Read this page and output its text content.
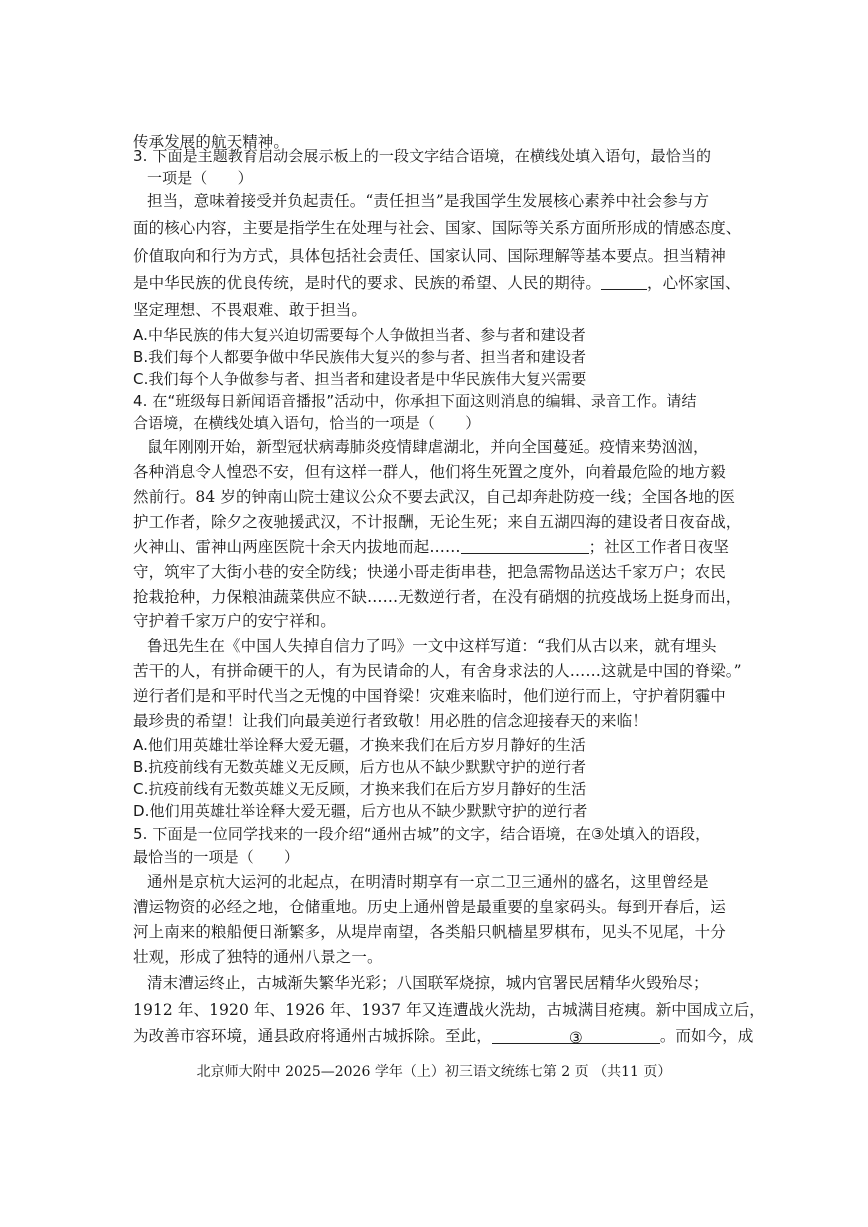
传承发展的航天精神。
3. 下面是主题教育启动会展示板上的一段文字结合语境，在横线处填入语句，最恰当的
一项是（　　）
担当，意味着接受并负起责任。“责任担当”是我国学生发展核心素养中社会参与方
面的核心内容，主要是指学生在处理与社会、国家、国际等关系方面所形成的情感态度、
价值取向和行为方式，具体包括社会责任、国家认同、国际理解等基本要点。担当精神
是中华民族的优良传统，是时代的要求、民族的希望、人民的期待。	，心怀家国、
坚定理想、不畏艰难、敢于担当。
A.中华民族的伟大复兴迫切需要每个人争做担当者、参与者和建设者
B.我们每个人都要争做中华民族伟大复兴的参与者、担当者和建设者
C.我们每个人争做参与者、担当者和建设者是中华民族伟大复兴需要
4. 在“班级每日新闻语音播报”活动中，你承担下面这则消息的编辑、录音工作。请结
合语境，在横线处填入语句，恰当的一项是（　　）
鼠年刚刚开始，新型冠状病毒肺炎疫情肆虐湖北，并向全国蔓延。疫情来势汹汹，
各种消息令人惶恐不安，但有这样一群人，他们将生死置之度外，向着最危险的地方毅
然前行。84 岁的钟南山院士建议公众不要去武汉，自己却奔赴防疫一线；全国各地的医
护工作者，除夕之夜驰援武汉，不计报酬，无论生死；来自五湖四海的建设者日夜奋战，
火神山、雷神山两座医院十余天内拔地而起……	；社区工作者日夜坚
守，筑牢了大街小巷的安全防线；快递小哥走街串巷，把急需物品送达千家万户；农民
抢栽抢种，力保粮油蔬菜供应不缺……无数逆行者，在没有硝烟的抗疫战场上挺身而出，
守护着千家万户的安宁祥和。
鲁迅先生在《中国人失掉自信力了吗》一文中这样写道：“我们从古以来，就有埋头
苦干的人，有拼命硬干的人，有为民请命的人，有舍身求法的人……这就是中国的脊梁。”
逆行者们是和平时代当之无愧的中国脊梁！灾难来临时，他们逆行而上，守护着阴霾中
最珍贵的希望！让我们向最美逆行者致敬！用必胜的信念迎接春天的来临！
A.他们用英雄壮举诠释大爱无疆，才换来我们在后方岁月静好的生活
B.抗疫前线有无数英雄义无反顾，后方也从不缺少默默守护的逆行者
C.抗疫前线有无数英雄义无反顾，才换来我们在后方岁月静好的生活
D.他们用英雄壮举诠释大爱无疆，后方也从不缺少默默守护的逆行者
5. 下面是一位同学找来的一段介绍“通州古城”的文字，结合语境，在③处填入的语段，
最恰当的一项是（　　）
通州是京杭大运河的北起点，在明清时期享有一京二卫三通州的盛名，这里曾经是
漕运物资的必经之地，仓储重地。历史上通州曾是最重要的皇家码头。每到开春后，运
河上南来的粮船便日渐繁多，从堤岸南望，各类船只帆樯星罗棋布，见头不见尾，十分
壮观，形成了独特的通州八景之一。
清末漕运终止，古城渐失繁华光彩；八国联军烧掠，城内官署民居精华火毁殆尽；
1912 年、1920 年、1926 年、1937 年又连遭战火洗劫，古城满目疮痍。新中国成立后，
为改善市容环境，通县政府将通州古城拆除。至此，	③	。而如今，成
北京师大附中 2025—2026 学年（上）初三语文统练七第 2 页 （共11 页）
